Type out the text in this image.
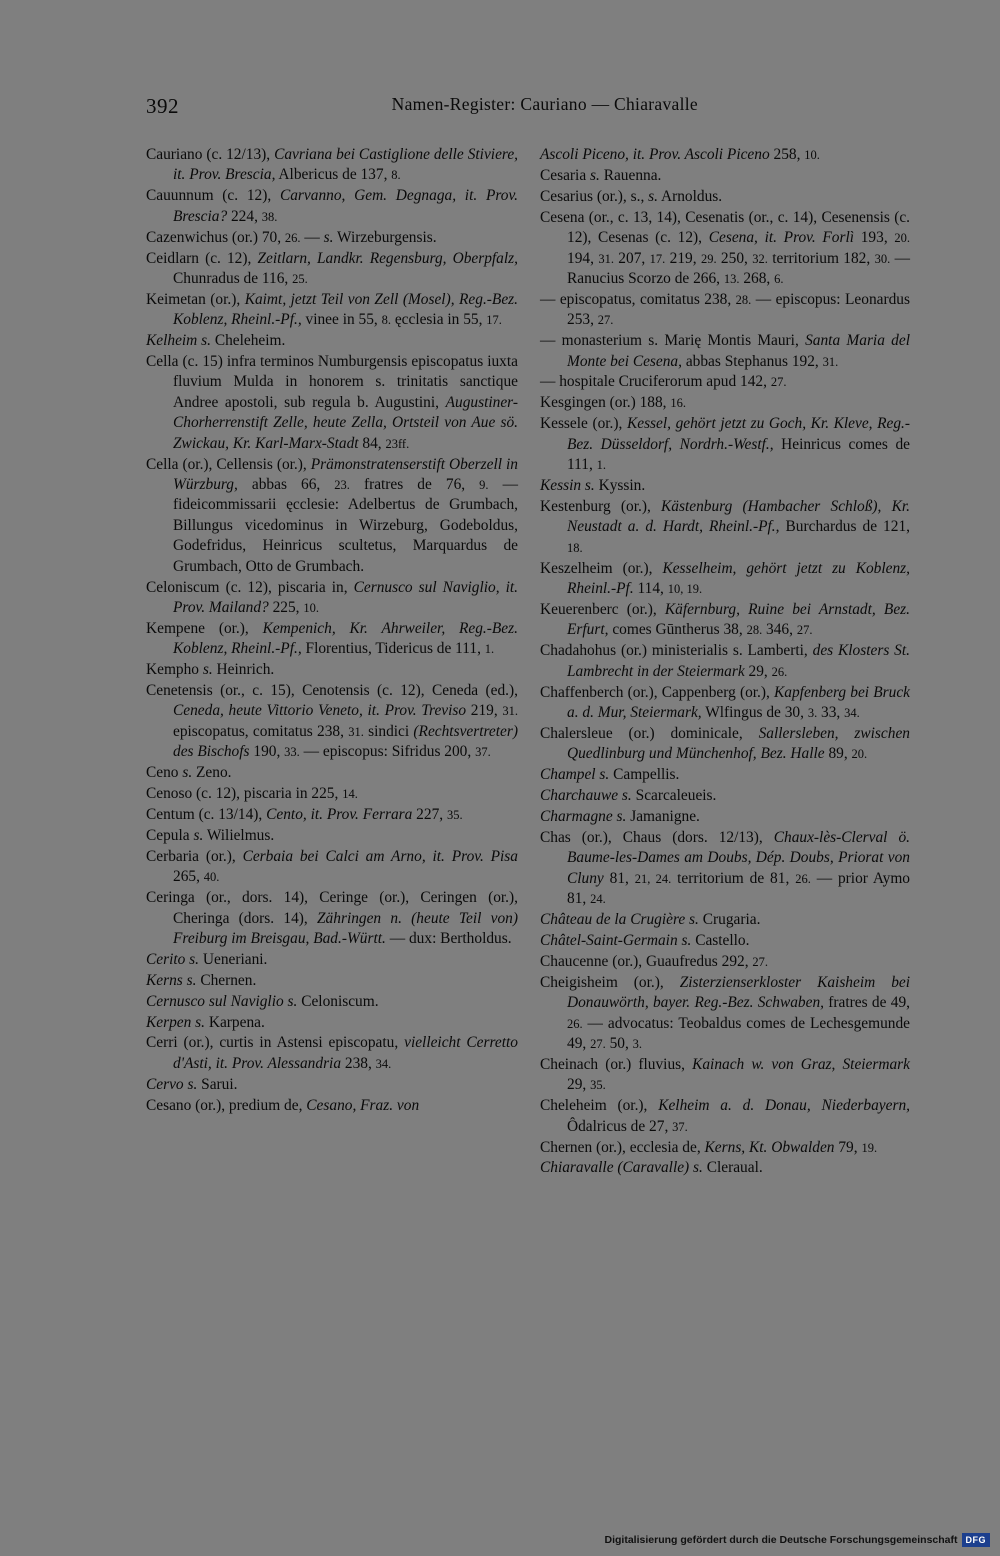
392	Namen-Register: Cauriano — Chiaravalle

Cauriano (c. 12/13), Cavriana bei Castiglione delle Stiviere, it. Prov. Brescia, Albericus de 137, 8.

Cauunnum (c. 12), Carvanno, Gem. Degnaga, it. Prov. Brescia? 224, 38.

Cazenwichus (or.) 70, 26. — s. Wirzeburgensis.

Ceidlarn (c. 12), Zeitlarn, Landkr. Regensburg, Oberpfalz, Chunradus de 116, 25.

Keimetan (or.), Kaimt, jetzt Teil von Zell (Mosel), Reg.-Bez. Koblenz, Rheinl.-Pf., vinee in 55, 8. ęcclesia in 55, 17.

Kelheim s. Cheleheim.

Cella (c. 15) infra terminos Numburgensis episcopatus iuxta fluvium Mulda in honorem s. trinitatis sanctique Andree apostoli, sub regula b. Augustini, Augustiner-Chorherrenstift Zelle, heute Zella, Ortsteil von Aue sö. Zwickau, Kr. Karl-Marx-Stadt 84, 23ff.

Cella (or.), Cellensis (or.), Prämonstratenserstift Oberzell in Würzburg, abbas 66, 23. fratres de 76, 9. — fideicommissarii ęcclesie: Adelbertus de Grumbach, Billungus vicedominus in Wirzeburg, Godeboldus, Godefridus, Heinricus scultetus, Marquardus de Grumbach, Otto de Grumbach.

Celoniscum (c. 12), piscaria in, Cernusco sul Naviglio, it. Prov. Mailand? 225, 10.

Kempene (or.), Kempenich, Kr. Ahrweiler, Reg.-Bez. Koblenz, Rheinl.-Pf., Florentius, Tidericus de 111, 1.

Kempho s. Heinrich.

Cenetensis (or., c. 15), Cenotensis (c. 12), Ceneda (ed.), Ceneda, heute Vittorio Veneto, it. Prov. Treviso 219, 31. episcopatus, comitatus 238, 31. sindici (Rechtsvertreter) des Bischofs 190, 33. — episcopus: Sifridus 200, 37.

Ceno s. Zeno.

Cenoso (c. 12), piscaria in 225, 14.

Centum (c. 13/14), Cento, it. Prov. Ferrara 227, 35.

Cepula s. Wilielmus.

Cerbaria (or.), Cerbaia bei Calci am Arno, it. Prov. Pisa 265, 40.

Ceringa (or., dors. 14), Ceringe (or.), Ceringen (or.), Cheringa (dors. 14), Zähringen n. (heute Teil von) Freiburg im Breisgau, Bad.-Württ. — dux: Bertholdus.

Cerito s. Ueneriani.

Kerns s. Chernen.

Cernusco sul Naviglio s. Celoniscum.

Kerpen s. Karpena.

Cerri (or.), curtis in Astensi episcopatu, vielleicht Cerretto d'Asti, it. Prov. Alessandria 238, 34.

Cervo s. Sarui.

Cesano (or.), predium de, Cesano, Fraz. von

Ascoli Piceno, it. Prov. Ascoli Piceno 258, 10.

Cesaria s. Rauenna.

Cesarius (or.), s., s. Arnoldus.

Cesena (or., c. 13, 14), Cesenatis (or., c. 14), Cesenensis (c. 12), Cesenas (c. 12), Cesena, it. Prov. Forlì 193, 20. 194, 31. 207, 17. 219, 29. 250, 32. territorium 182, 30. — Ranucius Scorzo de 266, 13. 268, 6.

— episcopatus, comitatus 238, 28. — episcopus: Leonardus 253, 27.

— monasterium s. Marię Montis Mauri, Santa Maria del Monte bei Cesena, abbas Stephanus 192, 31.

— hospitale Cruciferorum apud 142, 27.

Kesgingen (or.) 188, 16.

Kessele (or.), Kessel, gehört jetzt zu Goch, Kr. Kleve, Reg.-Bez. Düsseldorf, Nordrh.-Westf., Heinricus comes de 111, 1.

Kessin s. Kyssin.

Kestenburg (or.), Kästenburg (Hambacher Schloß), Kr. Neustadt a. d. Hardt, Rheinl.-Pf., Burchardus de 121, 18.

Keszelheim (or.), Kesselheim, gehört jetzt zu Koblenz, Rheinl.-Pf. 114, 10, 19.

Keuerenberc (or.), Käfernburg, Ruine bei Arnstadt, Bez. Erfurt, comes Gūntherus 38, 28. 346, 27.

Chadahohus (or.) ministerialis s. Lamberti, des Klosters St. Lambrecht in der Steiermark 29, 26.

Chaffenberch (or.), Cappenberg (or.), Kapfenberg bei Bruck a. d. Mur, Steiermark, Wlfingus de 30, 3. 33, 34.

Chalersleue (or.) dominicale, Sallersleben, zwischen Quedlinburg und Münchenhof, Bez. Halle 89, 20.

Champel s. Campellis.

Charchauwe s. Scarcaleueis.

Charmagne s. Jamanigne.

Chas (or.), Chaus (dors. 12/13), Chaux-lès-Clerval ö. Baume-les-Dames am Doubs, Dép. Doubs, Priorat von Cluny 81, 21, 24. territorium de 81, 26. — prior Aymo 81, 24.

Château de la Crugière s. Crugaria.

Châtel-Saint-Germain s. Castello.

Chaucenne (or.), Guaufredus 292, 27.

Cheigisheim (or.), Zisterzienserkloster Kaisheim bei Donauwörth, bayer. Reg.-Bez. Schwaben, fratres de 49, 26. — advocatus: Teobaldus comes de Lechesgemunde 49, 27. 50, 3.

Cheinach (or.) fluvius, Kainach w. von Graz, Steiermark 29, 35.

Cheleheim (or.), Kelheim a. d. Donau, Niederbayern, Ôdalricus de 27, 37.

Chernen (or.), ecclesia de, Kerns, Kt. Obwalden 79, 19.

Chiaravalle (Caravalle) s. Cleraual.

Digitalisierung gefördert durch die Deutsche Forschungsgemeinschaft DFG
